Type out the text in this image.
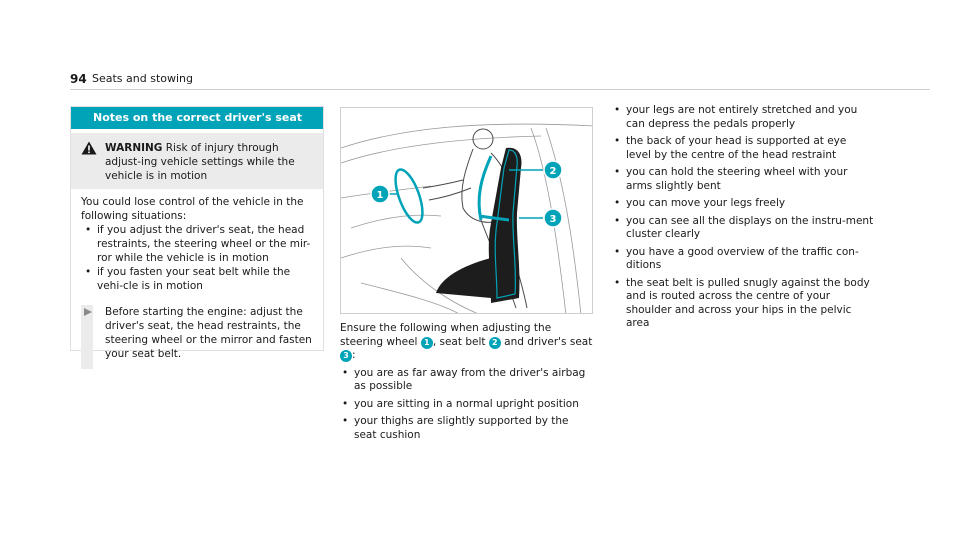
94 Seats and stowing
Notes on the correct driver's seat
WARNING Risk of injury through adjust-ing vehicle settings while the vehicle is in motion
You could lose control of the vehicle in the following situations:
• if you adjust the driver's seat, the head restraints, the steering wheel or the mir-ror while the vehicle is in motion
• if you fasten your seat belt while the vehi-cle is in motion
Before starting the engine: adjust the driver's seat, the head restraints, the steering wheel or the mirror and fasten your seat belt.
1
2
3
Ensure the following when adjusting the steering wheel 1 , seat belt 2 and driver's seat 3 :
• you are as far away from the driver's airbag as possible
• you are sitting in a normal upright position
• your thighs are slightly supported by the seat cushion
• your legs are not entirely stretched and you can depress the pedals properly
• the back of your head is supported at eye level by the centre of the head restraint
• you can hold the steering wheel with your arms slightly bent
• you can move your legs freely
• you can see all the displays on the instru-ment cluster clearly
• you have a good overview of the traffic con-ditions
• the seat belt is pulled snugly against the body and is routed across the centre of your shoulder and across your hips in the pelvic area
